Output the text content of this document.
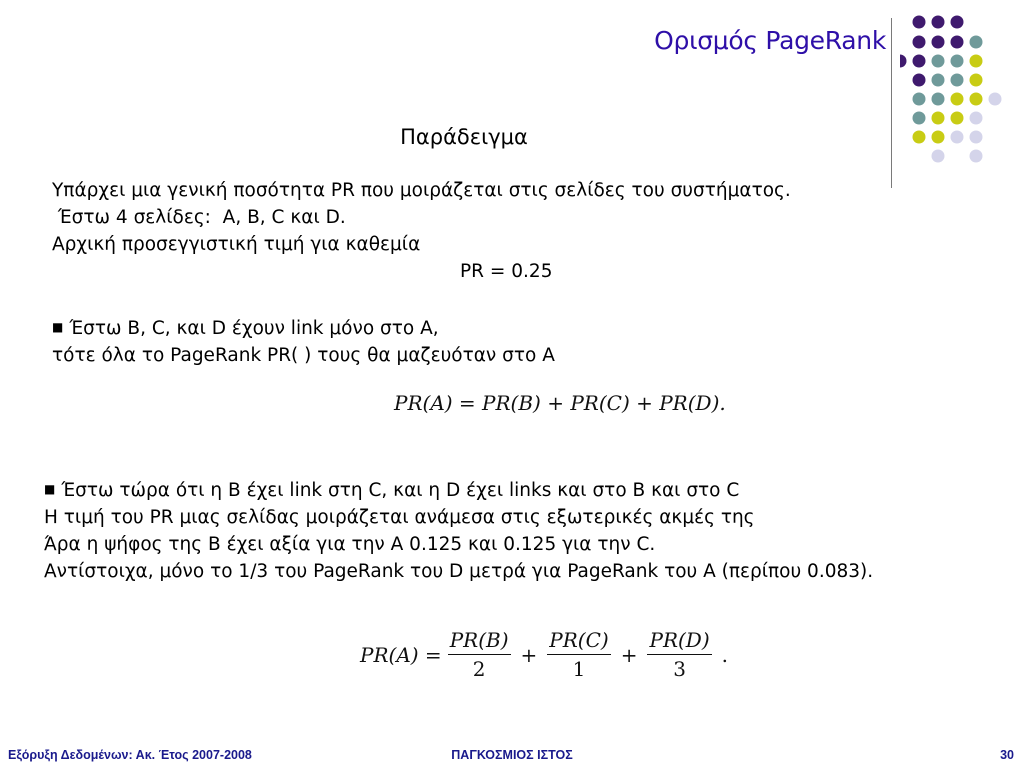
Ορισμός PageRank
Παράδειγμα
Υπάρχει μια γενική ποσότητα PR που μοιράζεται στις σελίδες του συστήματος.
Έστω 4 σελίδες:  A, B, C και D.
Αρχική προσεγγιστική τιμή για καθεμία
PR = 0.25
■ Έστω B, C, και D έχουν link μόνο στο A,
τότε όλα το PageRank PR( ) τους θα μαζευόταν στο A
PR(A) = PR(B) + PR(C) + PR(D).
■ Έστω τώρα ότι η B έχει link στη C, και η D έχει links και στο B και στο C
Η τιμή του PR μιας σελίδας μοιράζεται ανάμεσα στις εξωτερικές ακμές της
Άρα η ψήφος της B έχει αξία για την A 0.125 και 0.125 για την C.
Αντίστοιχα, μόνο το 1/3 του PageRank του D μετρά για PageRank του A (περίπου 0.083).
$PR(A) = \frac{PR(B)}{2} + \frac{PR(C)}{1} + \frac{PR(D)}{3}$ .
Εξόρυξη Δεδομένων: Ακ. Έτος 2007-2008	ΠΑΓΚΟΣΜΙΟΣ ΙΣΤΟΣ	30
